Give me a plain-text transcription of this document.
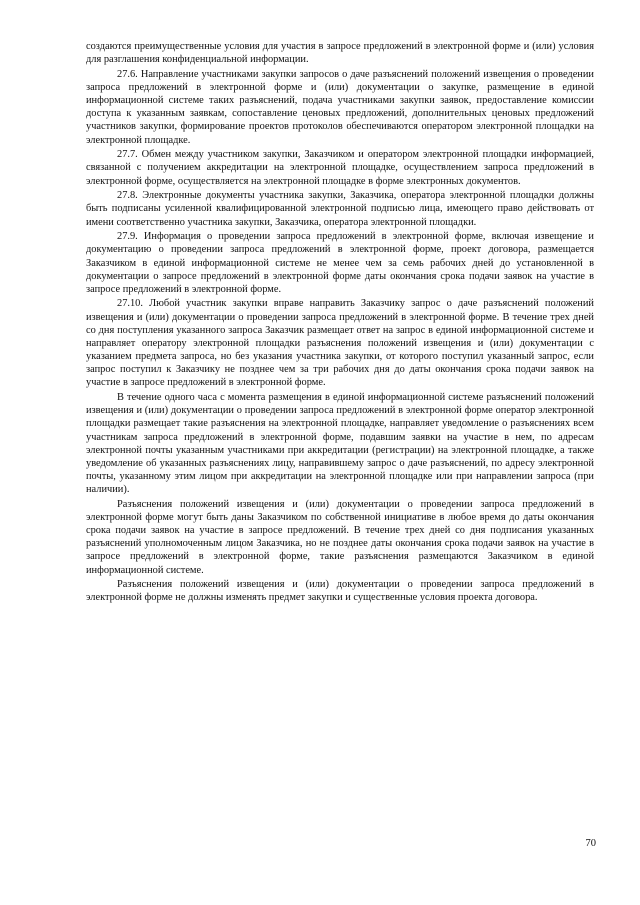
создаются преимущественные условия для участия в запросе предложений в электронной форме и (или) условия для разглашения конфиденциальной информации.

27.6. Направление участниками закупки запросов о даче разъяснений положений извещения о проведении запроса предложений в электронной форме и (или) документации о закупке, размещение в единой информационной системе таких разъяснений, подача участниками закупки заявок, предоставление комиссии доступа к указанным заявкам, сопоставление ценовых предложений, дополнительных ценовых предложений участников закупки, формирование проектов протоколов обеспечиваются оператором электронной площадки на электронной площадке.

27.7. Обмен между участником закупки, Заказчиком и оператором электронной площадки информацией, связанной с получением аккредитации на электронной площадке, осуществлением запроса предложений в электронной форме, осуществляется на электронной площадке в форме электронных документов.

27.8. Электронные документы участника закупки, Заказчика, оператора электронной площадки должны быть подписаны усиленной квалифицированной электронной подписью лица, имеющего право действовать от имени соответственно участника закупки, Заказчика, оператора электронной площадки.

27.9. Информация о проведении запроса предложений в электронной форме, включая извещение и документацию о проведении запроса предложений в электронной форме, проект договора, размещается Заказчиком в единой информационной системе не менее чем за семь рабочих дней до установленной в документации о запросе предложений в электронной форме даты окончания срока подачи заявок на участие в запросе предложений в электронной форме.

27.10. Любой участник закупки вправе направить Заказчику запрос о даче разъяснений положений извещения и (или) документации о проведении запроса предложений в электронной форме. В течение трех дней со дня поступления указанного запроса Заказчик размещает ответ на запрос в единой информационной системе и направляет оператору электронной площадки разъяснения положений извещения и (или) документации с указанием предмета запроса, но без указания участника закупки, от которого поступил указанный запрос, если запрос поступил к Заказчику не позднее чем за три рабочих дня до даты окончания срока подачи заявок на участие в запросе предложений в электронной форме.

В течение одного часа с момента размещения в единой информационной системе разъяснений положений извещения и (или) документации о проведении запроса предложений в электронной форме оператор электронной площадки размещает такие разъяснения на электронной площадке, направляет уведомление о разъяснениях всем участникам запроса предложений в электронной форме, подавшим заявки на участие в нем, по адресам электронной почты указанным участниками при аккредитации (регистрации) на электронной площадке, а также уведомление об указанных разъяснениях лицу, направившему запрос о даче разъяснений, по адресу электронной почты, указанному этим лицом при аккредитации на электронной площадке или при направлении запроса (при наличии).

Разъяснения положений извещения и (или) документации о проведении запроса предложений в электронной форме могут быть даны Заказчиком по собственной инициативе в любое время до даты окончания срока подачи заявок на участие в запросе предложений. В течение трех дней со дня подписания указанных разъяснений уполномоченным лицом Заказчика, но не позднее даты окончания срока подачи заявок на участие в запросе предложений в электронной форме, такие разъяснения размещаются Заказчиком в единой информационной системе.

Разъяснения положений извещения и (или) документации о проведении запроса предложений в электронной форме не должны изменять предмет закупки и существенные условия проекта договора.

70
